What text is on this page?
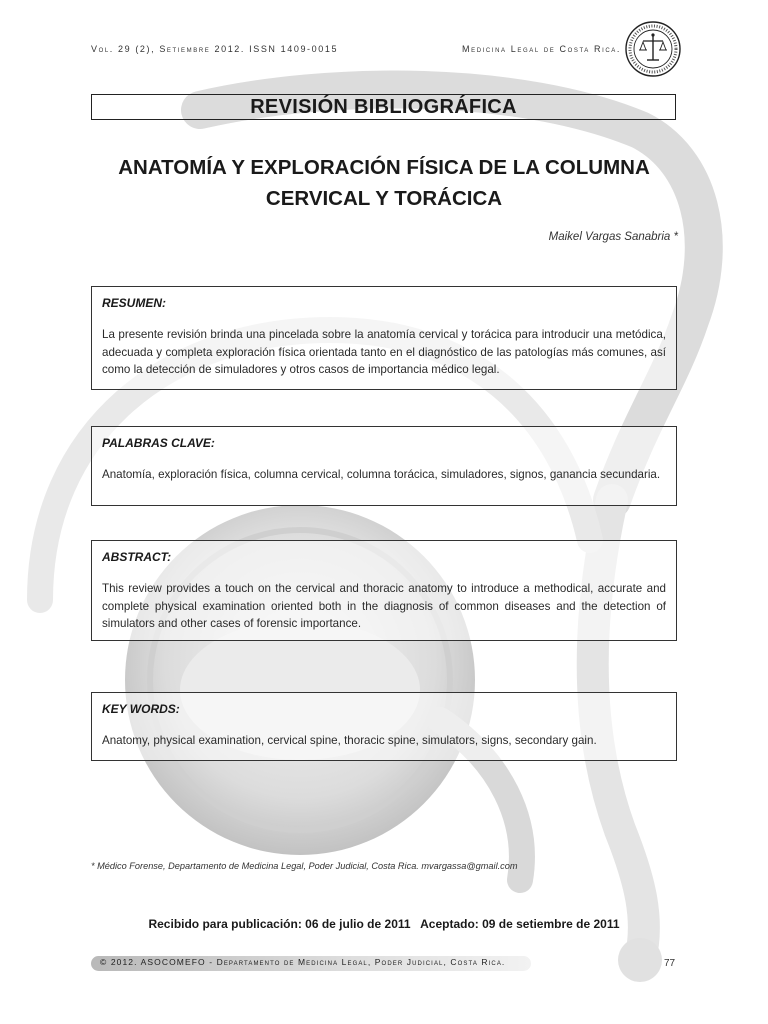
Vol. 29 (2), Setiembre 2012. ISSN 1409-0015	Medicina Legal de Costa Rica.
REVISIÓN BIBLIOGRÁFICA
ANATOMÍA Y EXPLORACIÓN FÍSICA DE LA COLUMNA
CERVICAL Y TORÁCICA
Maikel Vargas Sanabria *

RESUMEN:

La presente revisión brinda una pincelada sobre la anatomía cervical y torácica para introducir una metódica, adecuada y completa exploración física orientada tanto en el diagnóstico de las patologías más comunes, así como la detección de simuladores y otros casos de importancia médico legal.

PALABRAS CLAVE:

Anatomía, exploración física, columna cervical, columna torácica, simuladores, signos, ganancia secundaria.

ABSTRACT:

This review provides a touch on the cervical and thoracic anatomy to introduce a methodical, accurate and complete physical examination oriented both in the diagnosis of common diseases and the detection of simulators and other cases of forensic importance.

KEY WORDS:

Anatomy, physical examination, cervical spine, thoracic spine, simulators, signs, secondary gain.

* Médico Forense, Departamento de Medicina Legal, Poder Judicial, Costa Rica. mvargassa@gmail.com
Recibido para publicación: 06 de julio de 2011   Aceptado: 09 de setiembre de 2011
© 2012. ASOCOMEFO - Departamento de Medicina Legal, Poder Judicial, Costa Rica.	77
